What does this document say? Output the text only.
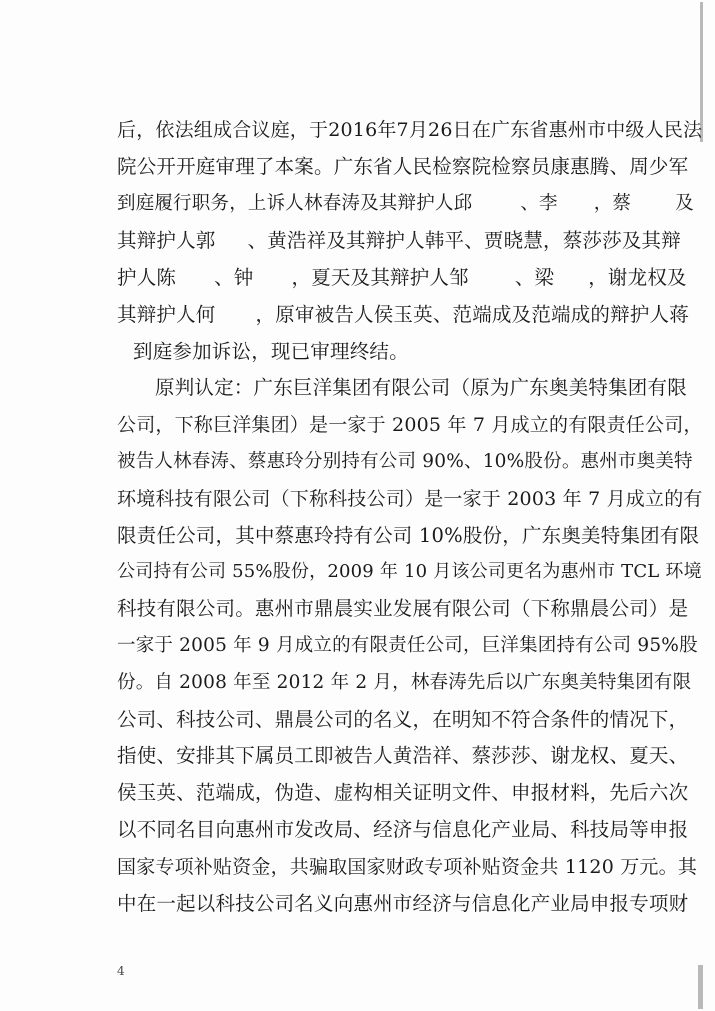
后，依法组成合议庭，于2016年7月26日在广东省惠州市中级人民法
院公开开庭审理了本案。广东省人民检察院检察员康惠腾、周少军
到庭履行职务，上诉人林春涛及其辩护人邱	、李 ，蔡 及
其辩护人郭 、黄浩祥及其辩护人韩平、贾晓慧，蔡莎莎及其辩
护人陈 、钟 ，夏天及其辩护人邹 、梁 ，谢龙权及
其辩护人何 ，原审被告人侯玉英、范端成及范端成的辩护人蒋
到庭参加诉讼，现已审理终结。
原判认定：广东巨洋集团有限公司（原为广东奥美特集团有限
公司，下称巨洋集团）是一家于 2005 年 7 月成立的有限责任公司，
被告人林春涛、蔡惠玲分别持有公司 90%、10%股份。惠州市奥美特
环境科技有限公司（下称科技公司）是一家于 2003 年 7 月成立的有
限责任公司，其中蔡惠玲持有公司 10%股份，广东奥美特集团有限
公司持有公司 55%股份，2009 年 10 月该公司更名为惠州市 TCL 环境
科技有限公司。惠州市鼎晨实业发展有限公司（下称鼎晨公司）是
一家于 2005 年 9 月成立的有限责任公司，巨洋集团持有公司 95%股
份。自 2008 年至 2012 年 2 月，林春涛先后以广东奥美特集团有限
公司、科技公司、鼎晨公司的名义，在明知不符合条件的情况下，
指使、安排其下属员工即被告人黄浩祥、蔡莎莎、谢龙权、夏天、
侯玉英、范端成，伪造、虚构相关证明文件、申报材料，先后六次
以不同名目向惠州市发改局、经济与信息化产业局、科技局等申报
国家专项补贴资金，共骗取国家财政专项补贴资金共 1120 万元。其
中在一起以科技公司名义向惠州市经济与信息化产业局申报专项财
4
